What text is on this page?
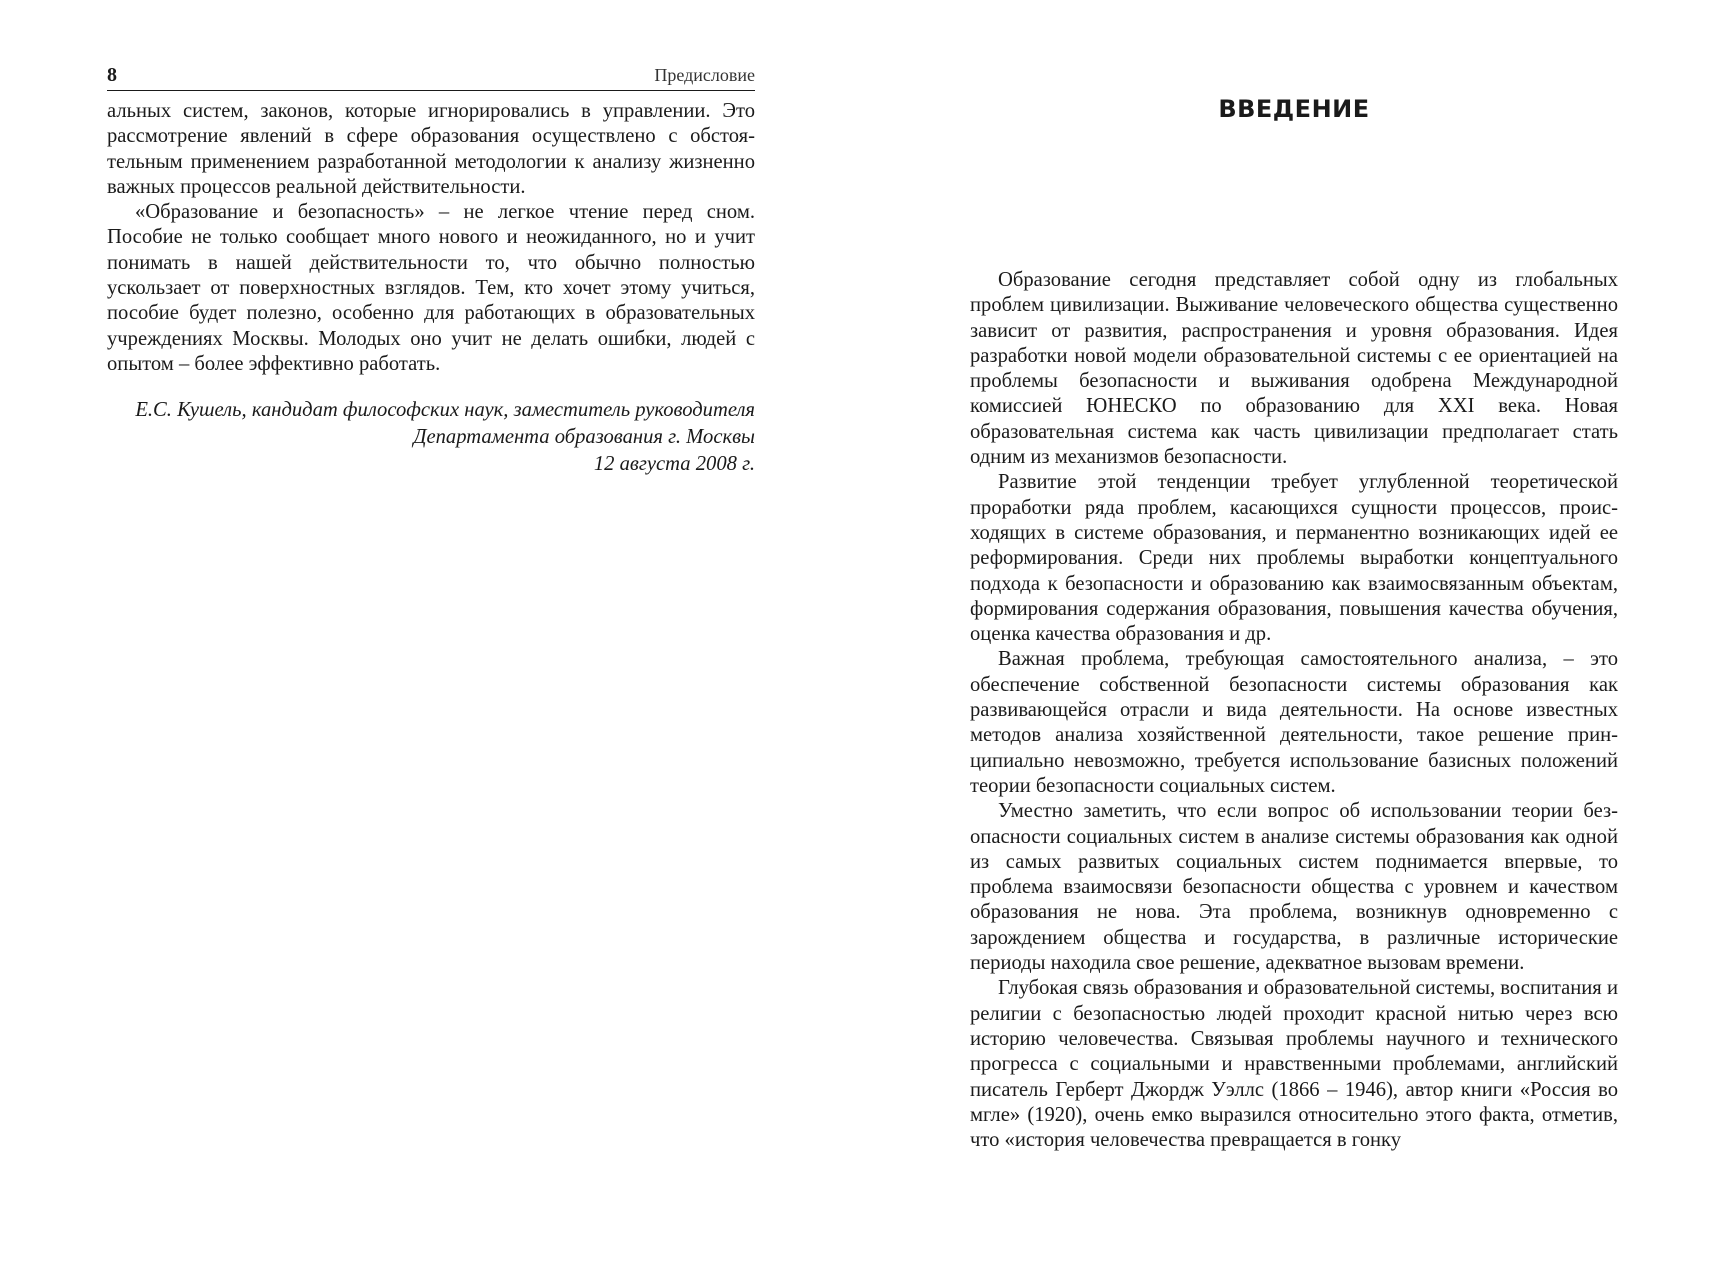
8	Предисловие

альных систем, законов, которые игнорировались в управлении. Это рассмотрение явлений в сфере образования осуществлено с обстоятельным применением разработанной методологии к анализу жизненно важных процессов реальной действительности.

«Образование и безопасность» – не легкое чтение перед сном. Пособие не только сообщает много нового и неожиданного, но и учит понимать в нашей действительности то, что обычно полностью ускользает от поверхностных взглядов. Тем, кто хочет этому учиться, пособие будет полезно, особенно для работающих в образовательных учреждениях Москвы. Молодых оно учит не делать ошибки, людей с опытом – более эффективно работать.

Е.С. Кушель, кандидат философских наук, заместитель руководителя Департамента образования г. Москвы
12 августа 2008 г.
ВВЕДЕНИЕ

Образование сегодня представляет собой одну из глобальных проблем цивилизации. Выживание человеческого общества существенно зависит от развития, распространения и уровня образования. Идея разработки новой модели образовательной системы с ее ориентацией на проблемы безопасности и выживания одобрена Международной комиссией ЮНЕСКО по образованию для XXI века. Новая образовательная система как часть цивилизации предполагает стать одним из механизмов безопасности.

Развитие этой тенденции требует углубленной теоретической проработки ряда проблем, касающихся сущности процессов, происходящих в системе образования, и перманентно возникающих идей ее реформирования. Среди них проблемы выработки концептуального подхода к безопасности и образованию как взаимосвязанным объектам, формирования содержания образования, повышения качества обучения, оценка качества образования и др.

Важная проблема, требующая самостоятельного анализа, – это обеспечение собственной безопасности системы образования как развивающейся отрасли и вида деятельности. На основе известных методов анализа хозяйственной деятельности, такое решение принципиально невозможно, требуется использование базисных положений теории безопасности социальных систем.

Уместно заметить, что если вопрос об использовании теории безопасности социальных систем в анализе системы образования как одной из самых развитых социальных систем поднимается впервые, то проблема взаимосвязи безопасности общества с уровнем и качеством образования не нова. Эта проблема, возникнув одновременно с зарождением общества и государства, в различные исторические периоды находила свое решение, адекватное вызовам времени.

Глубокая связь образования и образовательной системы, воспитания и религии с безопасностью людей проходит красной нитью через всю историю человечества. Связывая проблемы научного и технического прогресса с социальными и нравственными проблемами, английский писатель Герберт Джордж Уэллс (1866 – 1946), автор книги «Россия во мгле» (1920), очень емко выразился относительно этого факта, отметив, что «история человечества превращается в гонку
